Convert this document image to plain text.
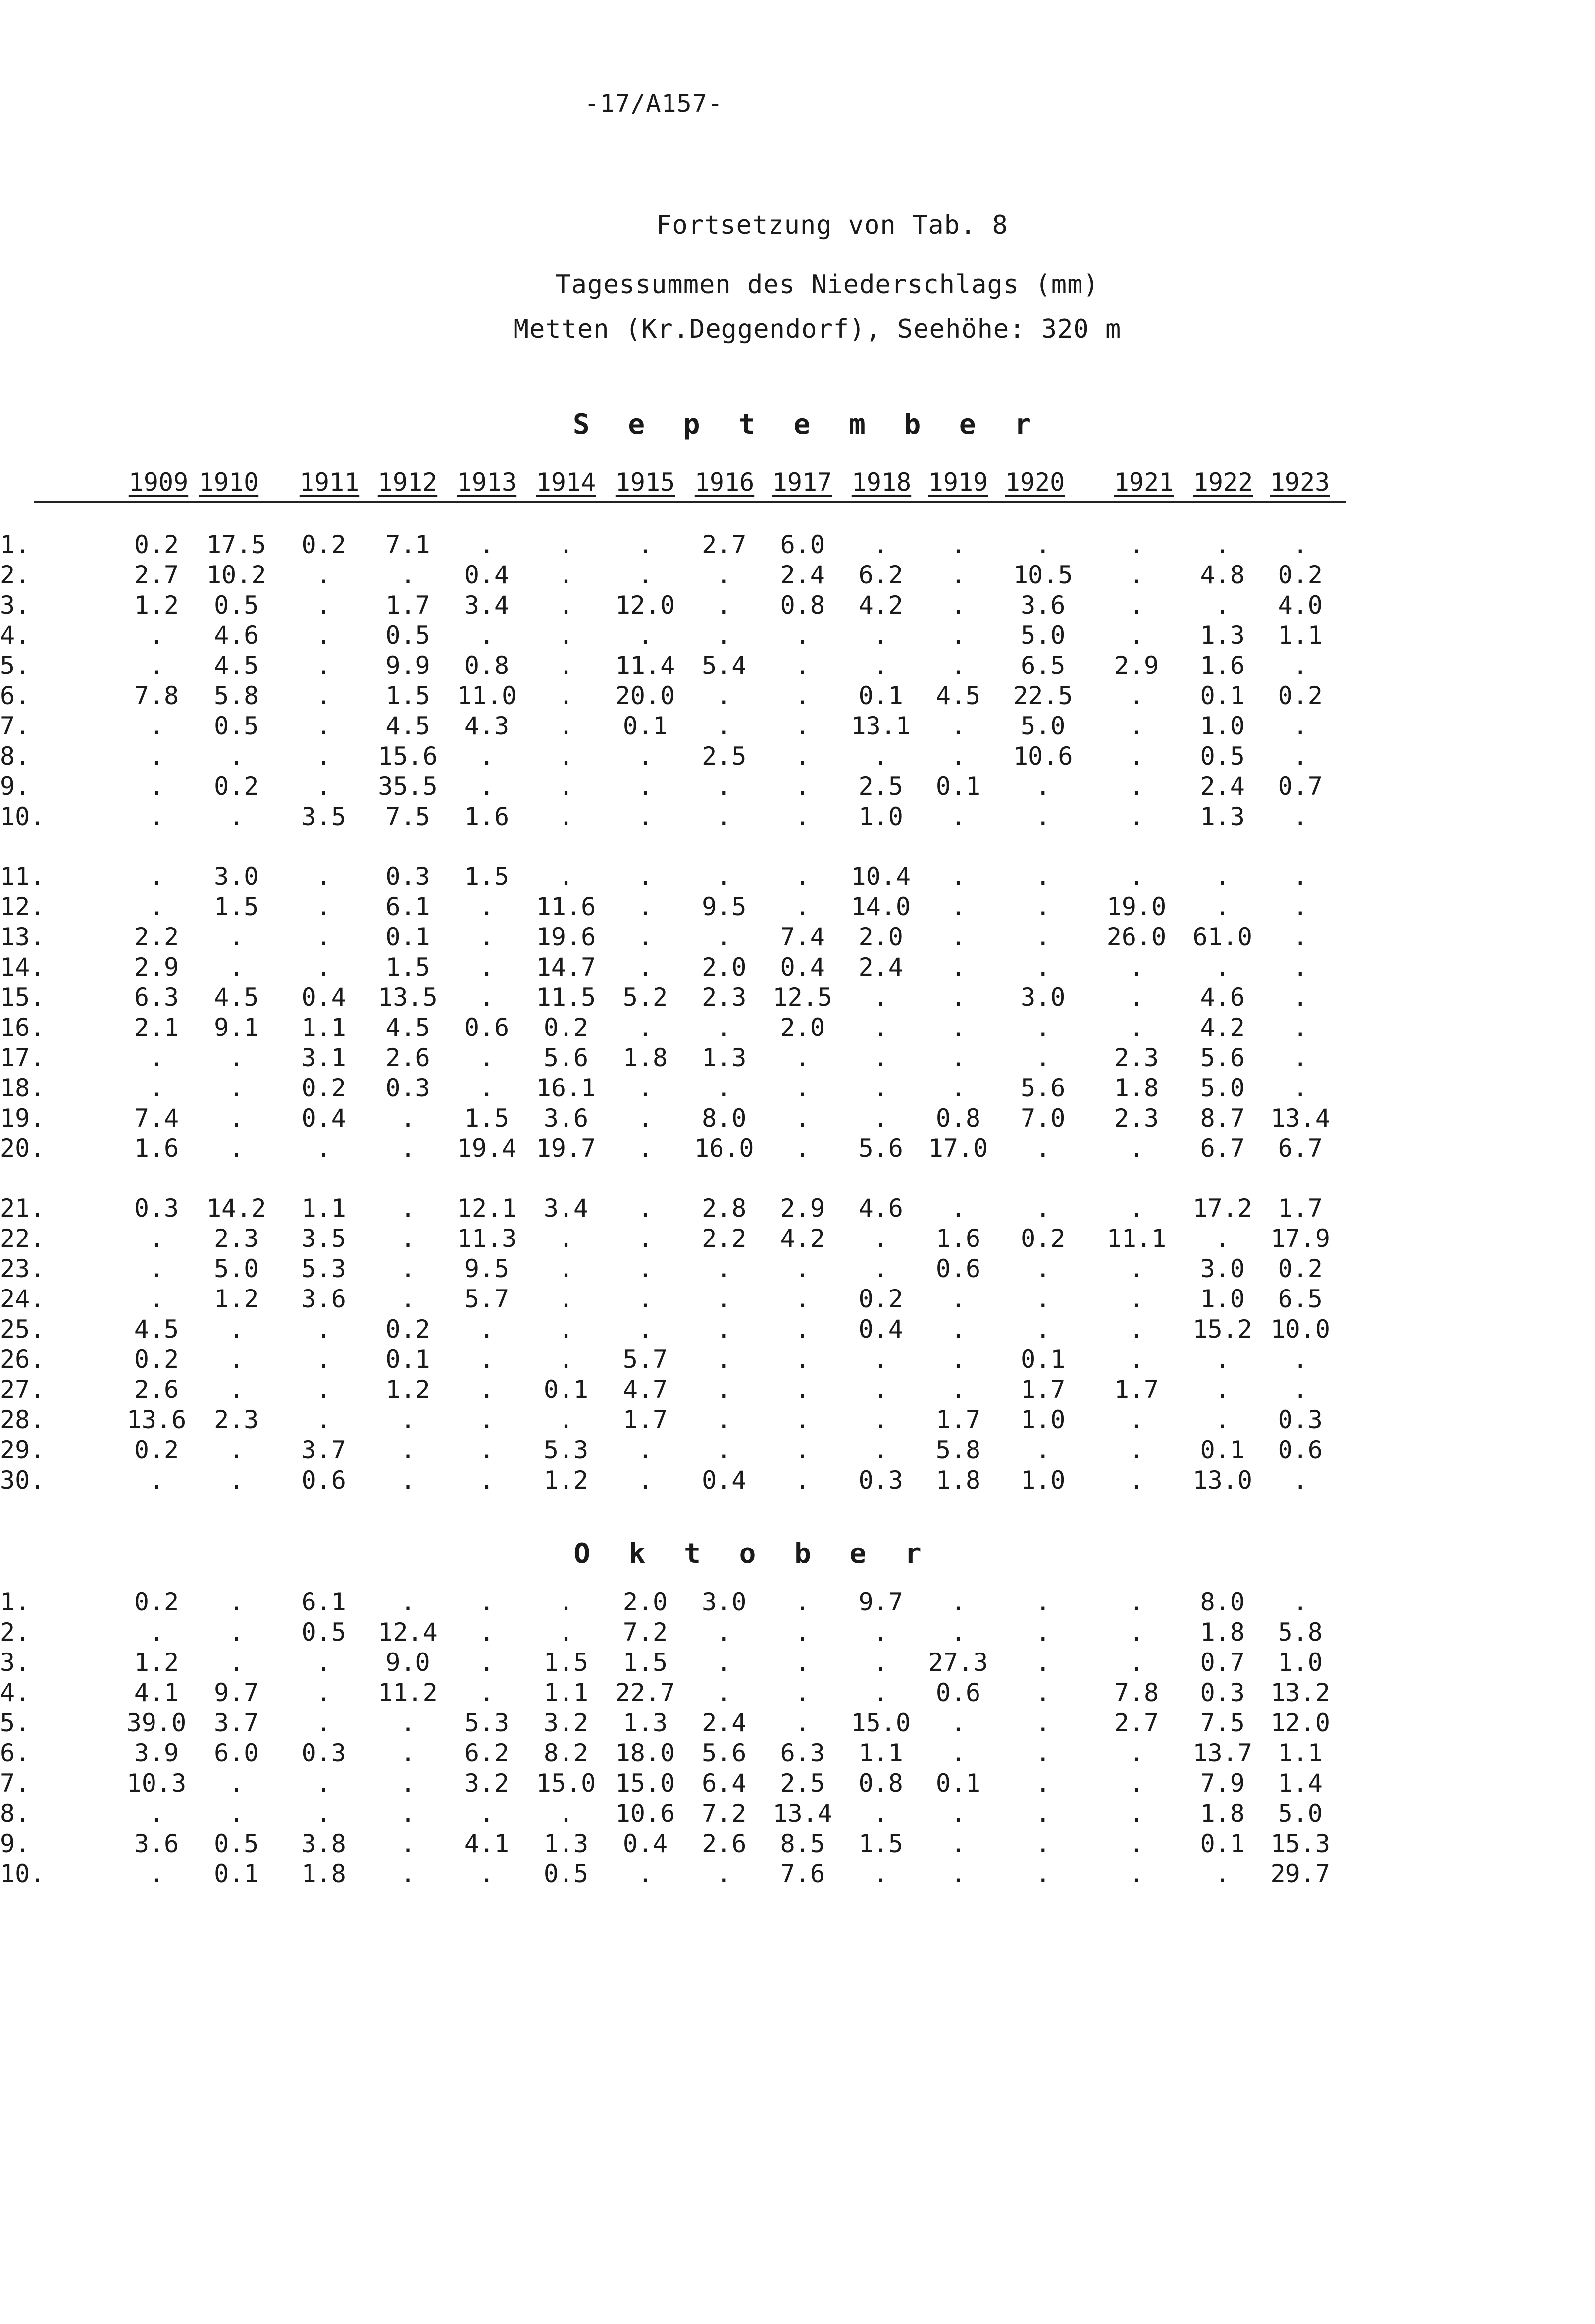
-17/A157-
Fortsetzung von Tab. 8
Tagessummen des Niederschlags (mm)
Metten (Kr.Deggendorf), Seehöhe: 320 m
S e p t e m b e r
1909 1910 1911 1912 1913 1914 1915 1916 1917 1918 1919 1920 1921 1922 1923
1.	0.2	17.5	0.2	7.1	.	.	.	2.7	6.0	.	.	.	.	.	.
2.	2.7	10.2	.	.	0.4	.	.	.	2.4	6.2	.	10.5	.	4.8	0.2
3.	1.2	0.5	.	1.7	3.4	.	12.0	.	0.8	4.2	.	3.6	.	.	4.0
4.	.	4.6	.	0.5	.	.	.	.	.	.	.	5.0	.	1.3	1.1
5.	.	4.5	.	9.9	0.8	.	11.4	5.4	.	.	.	6.5	2.9	1.6	.
6.	7.8	5.8	.	1.5	11.0	.	20.0	.	.	0.1	4.5	22.5	.	0.1	0.2
7.	.	0.5	.	4.5	4.3	.	0.1	.	.	13.1	.	5.0	.	1.0	.
8.	.	.	.	15.6	.	.	.	2.5	.	.	.	10.6	.	0.5	.
9.	.	0.2	.	35.5	.	.	.	.	.	2.5	0.1	.	.	2.4	0.7
10.	.	.	3.5	7.5	1.6	.	.	.	.	1.0	.	.	.	1.3	.

11.	.	3.0	.	0.3	1.5	.	.	.	.	10.4	.	.	.	.	.
12.	.	1.5	.	6.1	.	11.6	.	9.5	.	14.0	.	.	19.0	.	.
13.	2.2	.	.	0.1	.	19.6	.	.	7.4	2.0	.	.	26.0	61.0	.
14.	2.9	.	.	1.5	.	14.7	.	2.0	0.4	2.4	.	.	.	.	.
15.	6.3	4.5	0.4	13.5	.	11.5	5.2	2.3	12.5	.	.	3.0	.	4.6	.
16.	2.1	9.1	1.1	4.5	0.6	0.2	.	.	2.0	.	.	.	.	4.2	.
17.	.	.	3.1	2.6	.	5.6	1.8	1.3	.	.	.	.	2.3	5.6	.
18.	.	.	0.2	0.3	.	16.1	.	.	.	.	.	5.6	1.8	5.0	.
19.	7.4	.	0.4	.	1.5	3.6	.	8.0	.	.	0.8	7.0	2.3	8.7	13.4
20.	1.6	.	.	.	19.4	19.7	.	16.0	.	5.6	17.0	.	.	6.7	6.7

21.	0.3	14.2	1.1	.	12.1	3.4	.	2.8	2.9	4.6	.	.	.	17.2	1.7
22.	.	2.3	3.5	.	11.3	.	.	2.2	4.2	.	1.6	0.2	11.1	.	17.9
23.	.	5.0	5.3	.	9.5	.	.	.	.	.	0.6	.	.	3.0	0.2
24.	.	1.2	3.6	.	5.7	.	.	.	.	0.2	.	.	.	1.0	6.5
25.	4.5	.	.	0.2	.	.	.	.	.	0.4	.	.	.	15.2	10.0
26.	0.2	.	.	0.1	.	.	5.7	.	.	.	.	0.1	.	.	.
27.	2.6	.	.	1.2	.	0.1	4.7	.	.	.	.	1.7	1.7	.	.
28.	13.6	2.3	.	.	.	.	1.7	.	.	.	1.7	1.0	.	.	0.3
29.	0.2	.	3.7	.	.	5.3	.	.	.	.	5.8	.	.	0.1	0.6
30.	.	.	0.6	.	.	1.2	.	0.4	.	0.3	1.8	1.0	.	13.0	.
O k t o b e r
1.	0.2	.	6.1	.	.	.	2.0	3.0	.	9.7	.	.	.	8.0	.
2.	.	.	0.5	12.4	.	.	7.2	.	.	.	.	.	.	1.8	5.8
3.	1.2	.	.	9.0	.	1.5	1.5	.	.	.	27.3	.	.	0.7	1.0
4.	4.1	9.7	.	11.2	.	1.1	22.7	.	.	.	0.6	.	7.8	0.3	13.2
5.	39.0	3.7	.	.	5.3	3.2	1.3	2.4	.	15.0	.	.	2.7	7.5	12.0
6.	3.9	6.0	0.3	.	6.2	8.2	18.0	5.6	6.3	1.1	.	.	.	13.7	1.1
7.	10.3	.	.	.	3.2	15.0	15.0	6.4	2.5	0.8	0.1	.	.	7.9	1.4
8.	.	.	.	.	.	.	10.6	7.2	13.4	.	.	.	.	1.8	5.0
9.	3.6	0.5	3.8	.	4.1	1.3	0.4	2.6	8.5	1.5	.	.	.	0.1	15.3
10.	.	0.1	1.8	.	.	0.5	.	.	7.6	.	.	.	.	.	29.7
